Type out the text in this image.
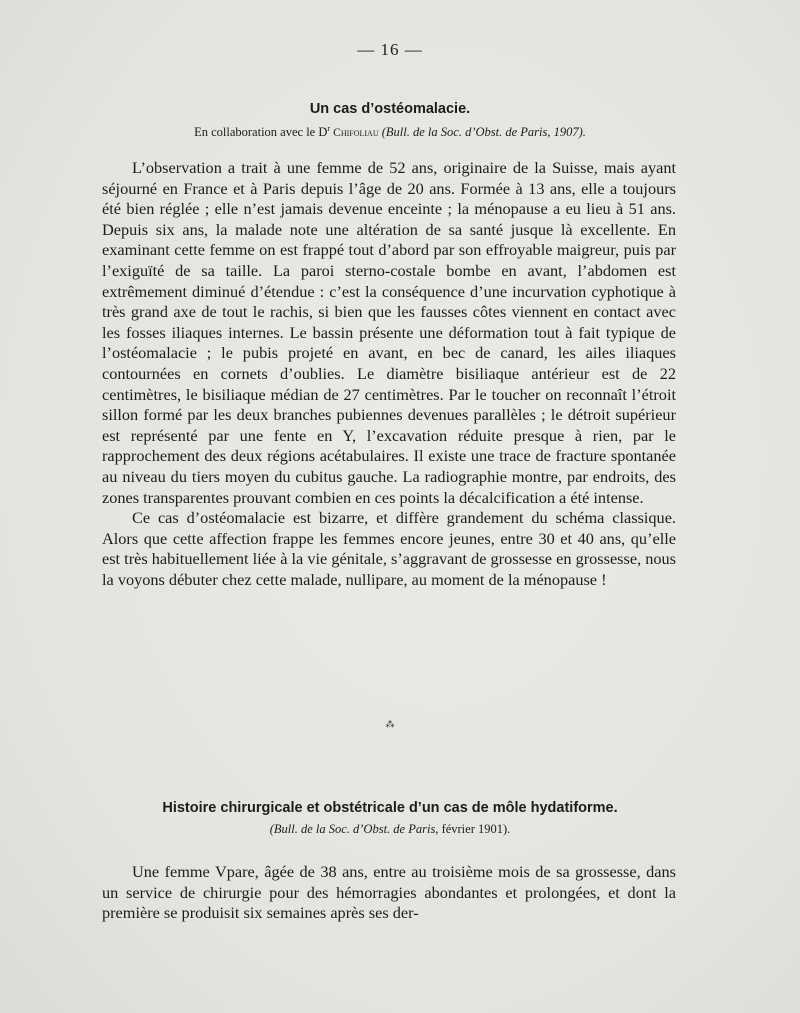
— 16 —
Un cas d’ostéomalacie.
En collaboration avec le $D^r$ Chifoliau (Bull. de la Soc. d’Obst. de Paris, 1907).

L’observation a trait à une femme de 52 ans, originaire de la Suisse, mais ayant séjourné en France et à Paris depuis l’âge de 20 ans. Formée à 13 ans, elle a toujours été bien réglée ; elle n’est jamais devenue enceinte ; la ménopause a eu lieu à 51 ans. Depuis six ans, la malade note une altération de sa santé jusque là excellente. En examinant cette femme on est frappé tout d’abord par son effroyable maigreur, puis par l’exiguïté de sa taille. La paroi sterno-costale bombe en avant, l’abdomen est extrêmement diminué d’étendue : c’est la conséquence d’une incurvation cyphotique à très grand axe de tout le rachis, si bien que les fausses côtes viennent en contact avec les fosses iliaques internes. Le bassin présente une déformation tout à fait typique de l’ostéomalacie ; le pubis projeté en avant, en bec de canard, les ailes iliaques contournées en cornets d’oublies. Le diamètre bisiliaque antérieur est de 22 centimètres, le bisiliaque médian de 27 centimètres. Par le toucher on reconnaît l’étroit sillon formé par les deux branches pubiennes devenues parallèles ; le détroit supérieur est représenté par une fente en Y, l’excavation réduite presque à rien, par le rapprochement des deux régions acétabulaires. Il existe une trace de fracture spontanée au niveau du tiers moyen du cubitus gauche. La radiographie montre, par endroits, des zones transparentes prouvant combien en ces points la décalcification a été intense.

Ce cas d’ostéomalacie est bizarre, et diffère grandement du schéma classique. Alors que cette affection frappe les femmes encore jeunes, entre 30 et 40 ans, qu’elle est très habituellement liée à la vie génitale, s’aggravant de grossesse en grossesse, nous la voyons débuter chez cette malade, nullipare, au moment de la ménopause !

⁂
Histoire chirurgicale et obstétricale d’un cas de môle hydatiforme.
(Bull. de la Soc. d’Obst. de Paris, février 1901).

Une femme Vpare, âgée de 38 ans, entre au troisième mois de sa grossesse, dans un service de chirurgie pour des hémorragies abondantes et prolongées, et dont la première se produisit six semaines après ses der-
